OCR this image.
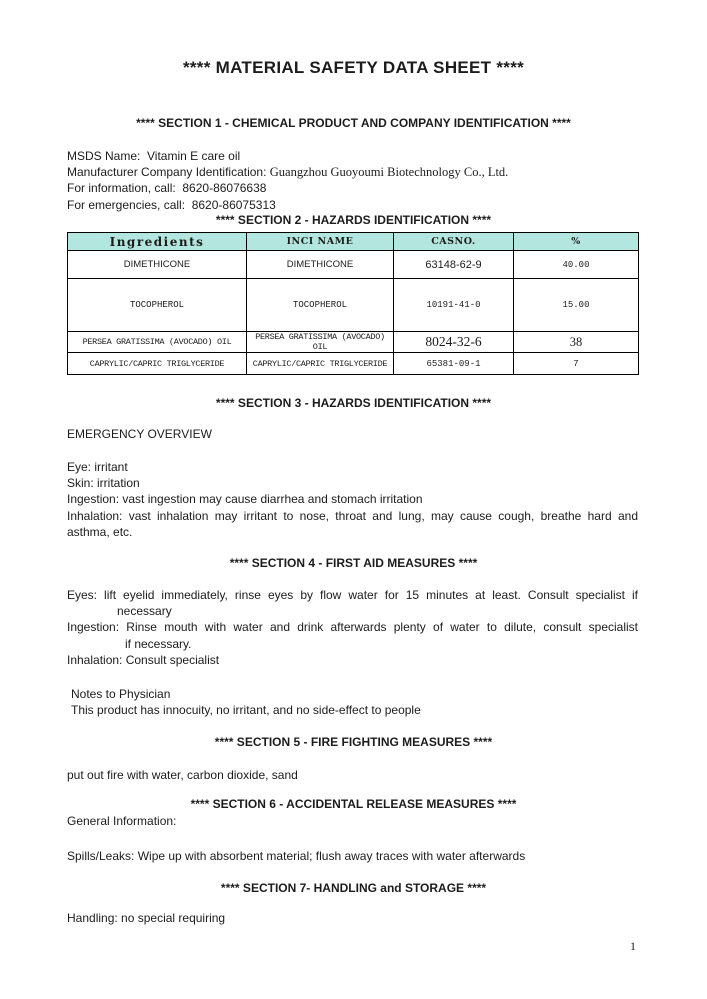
**** MATERIAL SAFETY DATA SHEET ****
**** SECTION 1 - CHEMICAL PRODUCT AND COMPANY IDENTIFICATION ****
MSDS Name:  Vitamin E care oil
Manufacturer Company Identification: Guangzhou Guoyoumi Biotechnology Co., Ltd.
For information, call:  8620-86076638
For emergencies, call:  8620-86075313
**** SECTION 2 - HAZARDS IDENTIFICATION ****
Ingredients	INCI NAME	CASNO.	%
DIMETHICONE	DIMETHICONE	63148-62-9	40.00
TOCOPHEROL	TOCOPHEROL	10191-41-0	15.00
PERSEA GRATISSIMA (AVOCADO) OIL	PERSEA GRATISSIMA (AVOCADO) OIL	8024-32-6	38
CAPRYLIC/CAPRIC TRIGLYCERIDE	CAPRYLIC/CAPRIC TRIGLYCERIDE	65381-09-1	7
**** SECTION 3 - HAZARDS IDENTIFICATION ****
EMERGENCY OVERVIEW
Eye: irritant
Skin: irritation
Ingestion: vast ingestion may cause diarrhea and stomach irritation
Inhalation: vast inhalation may irritant to nose, throat and lung, may cause cough, breathe hard and
asthma, etc.
**** SECTION 4 - FIRST AID MEASURES ****
Eyes: lift eyelid immediately, rinse eyes by flow water for 15 minutes at least. Consult specialist if
necessary
Ingestion: Rinse mouth with water and drink afterwards plenty of water to dilute, consult specialist
if necessary.
Inhalation: Consult specialist
Notes to Physician
This product has innocuity, no irritant, and no side-effect to people
**** SECTION 5 - FIRE FIGHTING MEASURES ****
put out fire with water, carbon dioxide, sand
**** SECTION 6 - ACCIDENTAL RELEASE MEASURES ****
General Information:
Spills/Leaks: Wipe up with absorbent material; flush away traces with water afterwards
**** SECTION 7- HANDLING and STORAGE ****
Handling: no special requiring
1
